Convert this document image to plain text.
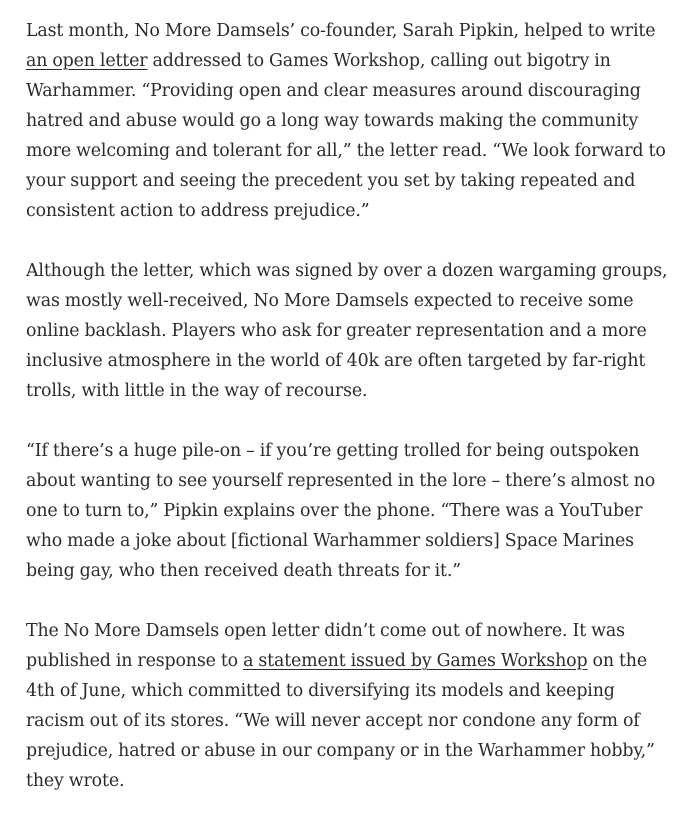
Last month, No More Damsels’ co-founder, Sarah Pipkin, helped to write an open letter addressed to Games Workshop, calling out bigotry in Warhammer. “Providing open and clear measures around discouraging hatred and abuse would go a long way towards making the community more welcoming and tolerant for all,” the letter read. “We look forward to your support and seeing the precedent you set by taking repeated and consistent action to address prejudice.”

Although the letter, which was signed by over a dozen wargaming groups, was mostly well-received, No More Damsels expected to receive some online backlash. Players who ask for greater representation and a more inclusive atmosphere in the world of 40k are often targeted by far-right trolls, with little in the way of recourse.

“If there’s a huge pile-on – if you’re getting trolled for being outspoken about wanting to see yourself represented in the lore – there’s almost no one to turn to,” Pipkin explains over the phone. “There was a YouTuber who made a joke about [fictional Warhammer soldiers] Space Marines being gay, who then received death threats for it.”

The No More Damsels open letter didn’t come out of nowhere. It was published in response to a statement issued by Games Workshop on the 4th of June, which committed to diversifying its models and keeping racism out of its stores. “We will never accept nor condone any form of prejudice, hatred or abuse in our company or in the Warhammer hobby,” they wrote.
